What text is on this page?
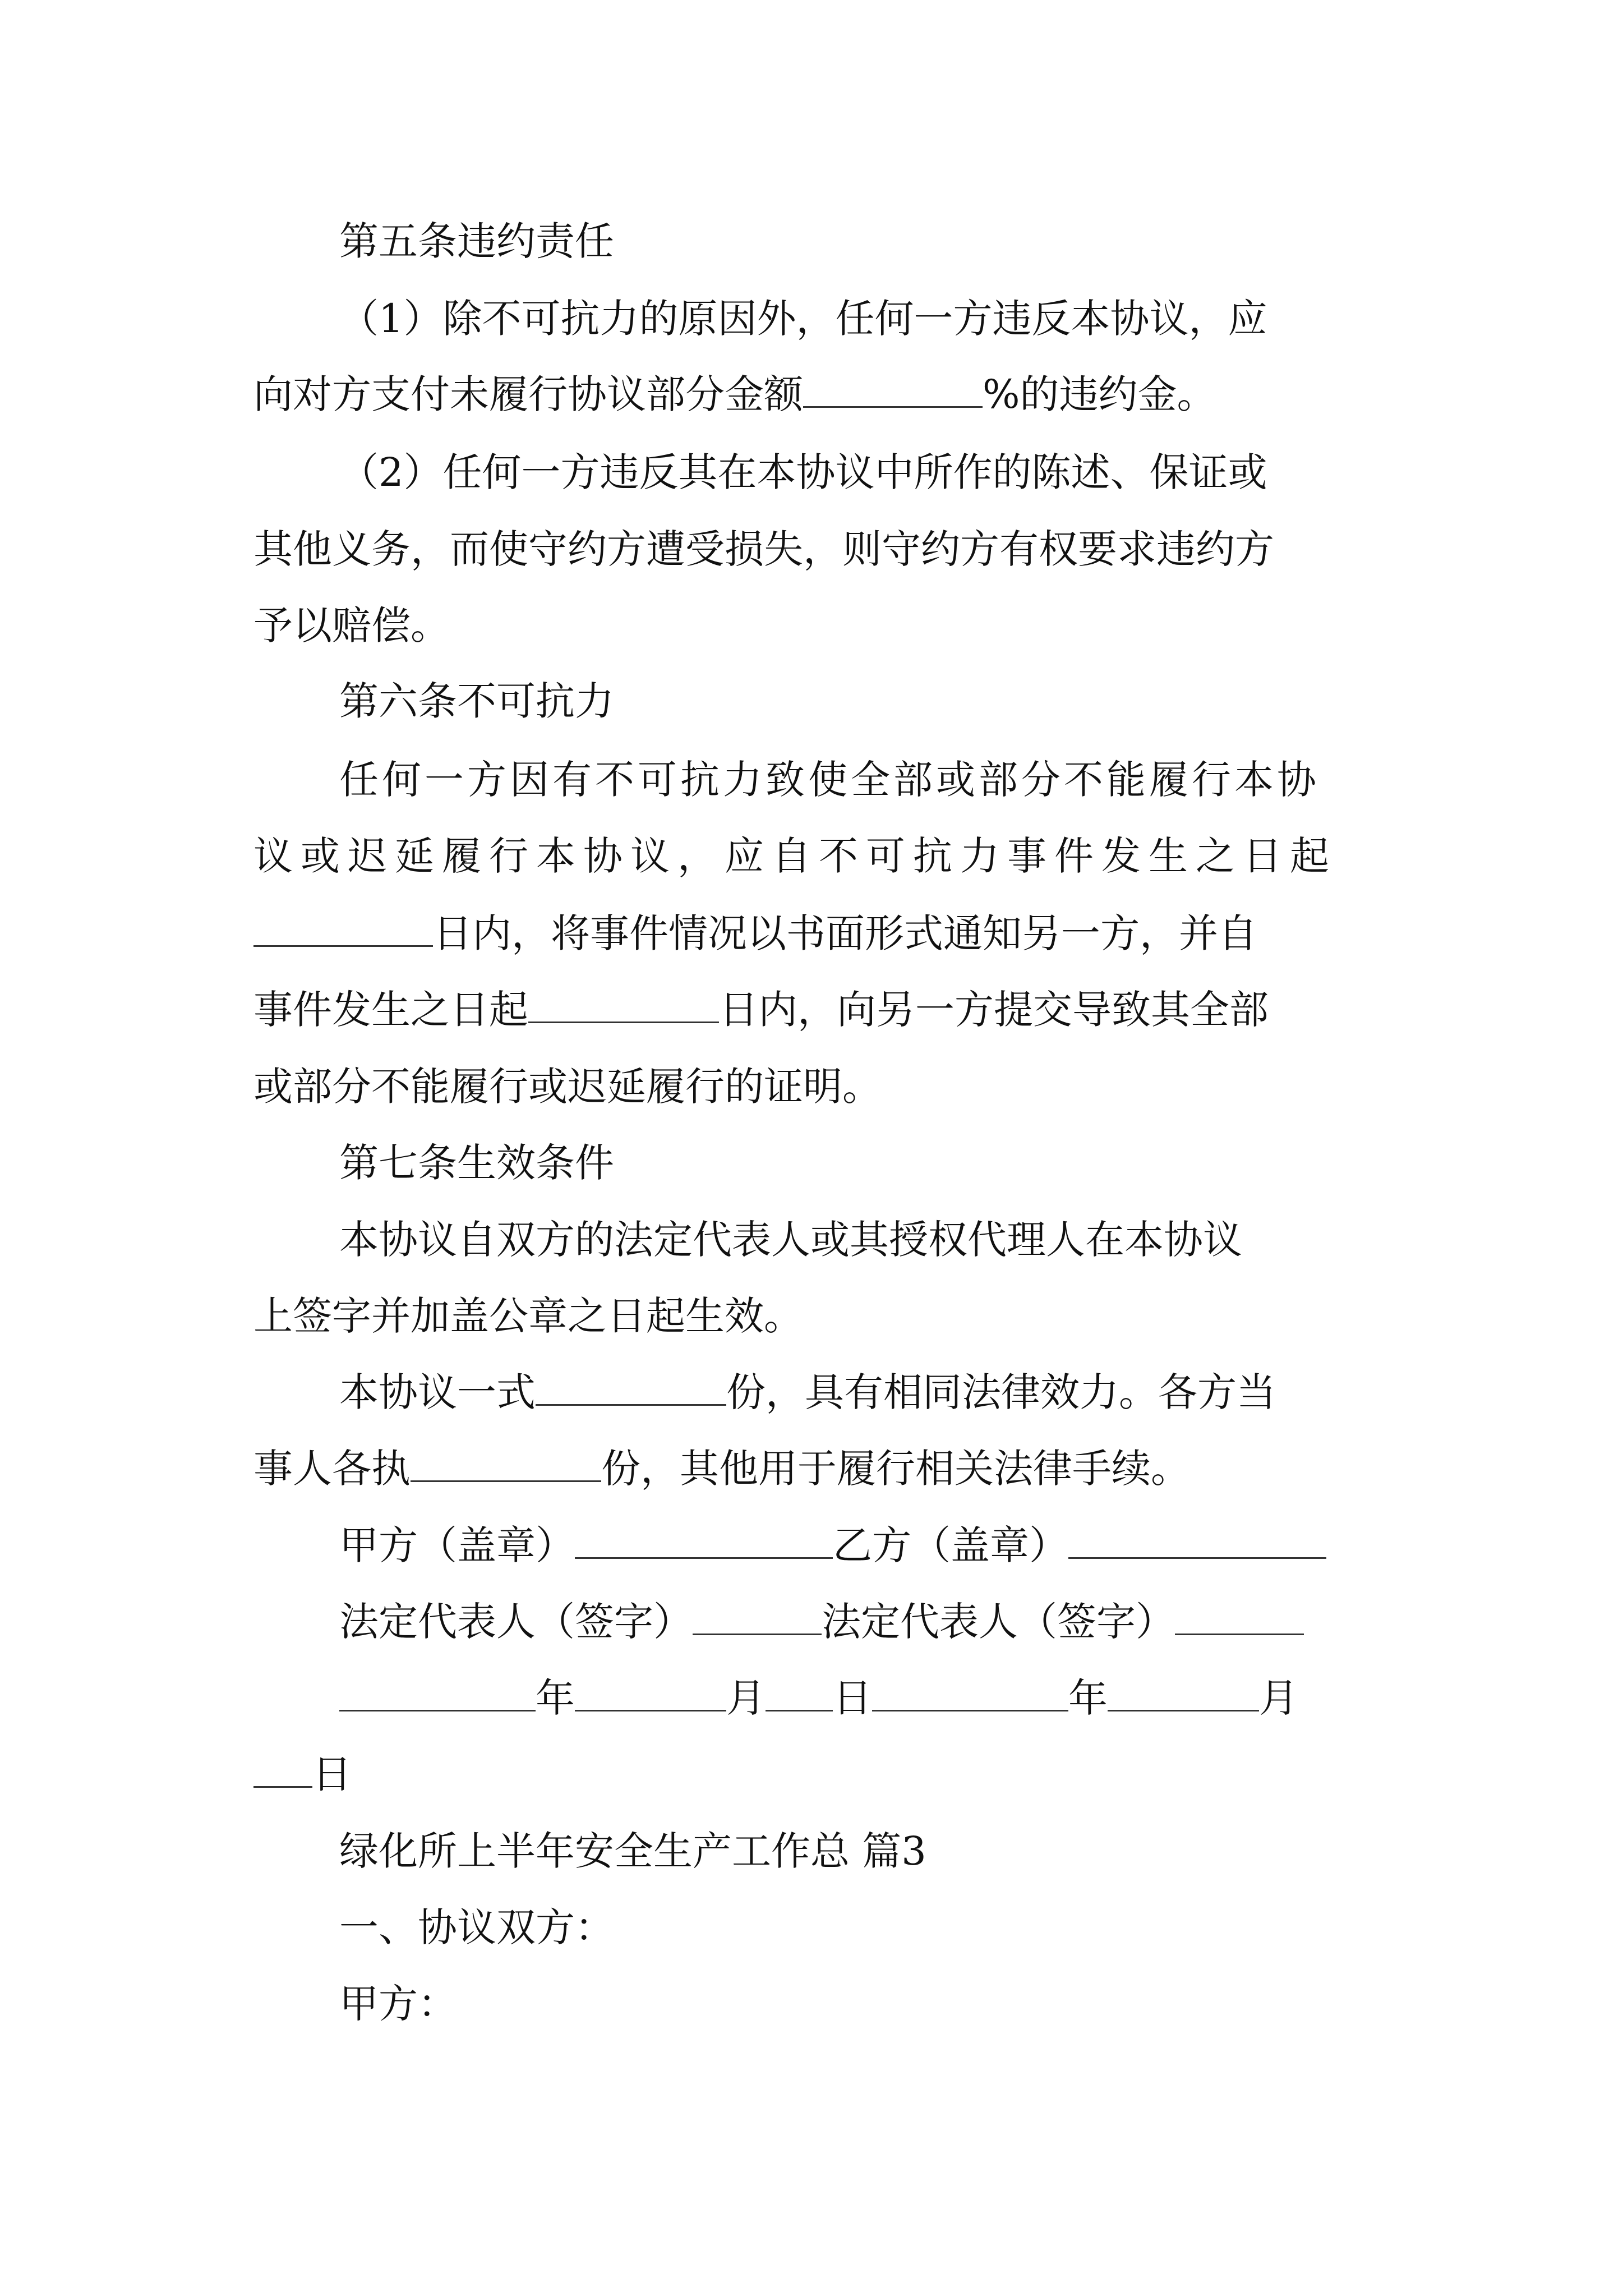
第五条违约责任
（1）除不可抗力的原因外，任何一方违反本协议，应
向对方支付未履行协议部分金额	%的违约金。
（2）任何一方违反其在本协议中所作的陈述、保证或
其他义务，而使守约方遭受损失，则守约方有权要求违约方
予以赔偿。
第六条不可抗力
任何一方因有不可抗力致使全部或部分不能履行本协
议或迟延履行本协议，应自不可抗力事件发生之日起
日内，将事件情况以书面形式通知另一方，并自
事件发生之日起	日内，向另一方提交导致其全部
或部分不能履行或迟延履行的证明。
第七条生效条件
本协议自双方的法定代表人或其授权代理人在本协议
上签字并加盖公章之日起生效。
本协议一式	份，具有相同法律效力。各方当
事人各执	份，其他用于履行相关法律手续。
甲方（盖章）	乙方（盖章）
法定代表人（签字）	法定代表人（签字）
年	月 日	年	月
日
绿化所上半年安全生产工作总 篇3
一、协议双方：
甲方：
